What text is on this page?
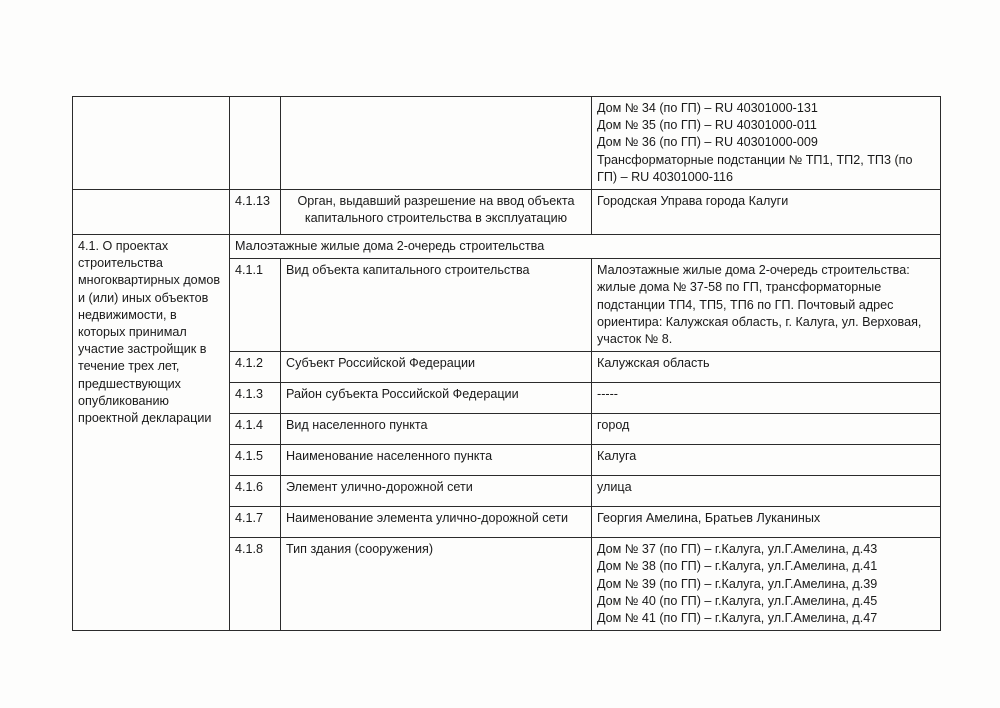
			Дом № 34 (по ГП) – RU 40301000-131
Дом № 35 (по ГП) – RU 40301000-011
Дом № 36 (по ГП) – RU 40301000-009
Трансформаторные подстанции № ТП1, ТП2, ТП3 (по ГП) – RU 40301000-116
	4.1.13	Орган, выдавший разрешение на ввод объекта капитального строительства в эксплуатацию	Городская Управа города Калуги
4.1. О проектах строительства многоквартирных домов и (или) иных объектов недвижимости, в которых принимал участие застройщик в течение трех лет, предшествующих опубликованию проектной декларации	Малоэтажные жилые дома 2-очередь строительства		
	4.1.1	Вид объекта капитального строительства	Малоэтажные жилые дома 2-очередь строительства: жилые дома № 37-58 по ГП, трансформаторные подстанции ТП4, ТП5, ТП6 по ГП. Почтовый адрес ориентира: Калужская область, г. Калуга, ул. Верховая, участок № 8.
	4.1.2	Субъект Российской Федерации	Калужская область
	4.1.3	Район субъекта Российской Федерации	-----
	4.1.4	Вид населенного пункта	город
	4.1.5	Наименование населенного пункта	Калуга
	4.1.6	Элемент улично-дорожной сети	улица
	4.1.7	Наименование элемента улично-дорожной сети	Георгия Амелина, Братьев Луканиных
	4.1.8	Тип здания (сооружения)	Дом № 37 (по ГП) – г.Калуга, ул.Г.Амелина, д.43
Дом № 38 (по ГП) – г.Калуга, ул.Г.Амелина, д.41
Дом № 39 (по ГП) – г.Калуга, ул.Г.Амелина, д.39
Дом № 40 (по ГП) – г.Калуга, ул.Г.Амелина, д.45
Дом № 41 (по ГП) – г.Калуга, ул.Г.Амелина, д.47
